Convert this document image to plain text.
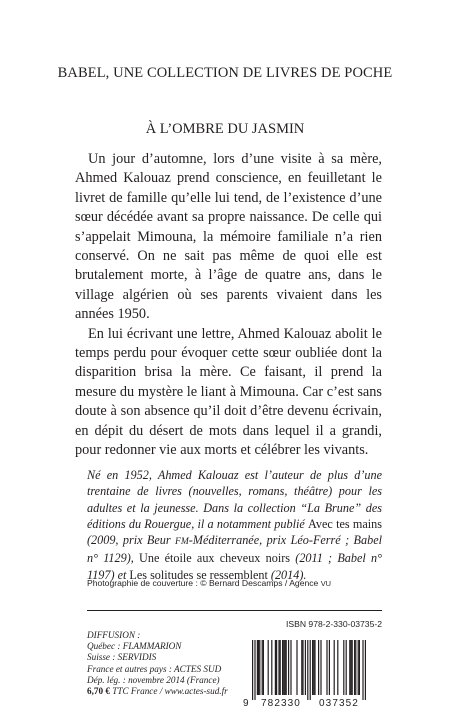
BABEL, UNE COLLECTION DE LIVRES DE POCHE
À L’OMBRE DU JASMIN

Un jour d’automne, lors d’une visite à sa mère, Ahmed Kalouaz prend conscience, en feuilletant le livret de famille qu’elle lui tend, de l’existence d’une sœur décédée avant sa propre naissance. De celle qui s’appelait Mimouna, la mémoire familiale n’a rien conservé. On ne sait pas même de quoi elle est brutalement morte, à l’âge de quatre ans, dans le village algérien où ses parents vivaient dans les années 1950.

En lui écrivant une lettre, Ahmed Kalouaz abolit le temps perdu pour évoquer cette sœur oubliée dont la disparition brisa la mère. Ce faisant, il prend la mesure du mystère le liant à Mimouna. Car c’est sans doute à son absence qu’il doit d’être devenu écrivain, en dépit du désert de mots dans lequel il a grandi, pour redonner vie aux morts et célébrer les vivants.

Né en 1952, Ahmed Kalouaz est l’auteur de plus d’une trentaine de livres (nouvelles, romans, théâtre) pour les adultes et la jeunesse. Dans la collection “La Brune” des éditions du Rouergue, il a notamment publié Avec tes mains (2009, prix Beur FM-Méditerranée, prix Léo-Ferré ; Babel n° 1129), Une étoile aux cheveux noirs (2011 ; Babel n° 1197) et Les solitudes se ressemblent (2014).
Photographie de couverture : © Bernard Descamps / Agence VU
DIFFUSION :
Québec : FLAMMARION
Suisse : SERVIDIS
France et autres pays : ACTES SUD
Dép. lég. : novembre 2014 (France)
6,70 € TTC France / www.actes-sud.fr
ISBN 978-2-330-03735-2
9 782330 037352
